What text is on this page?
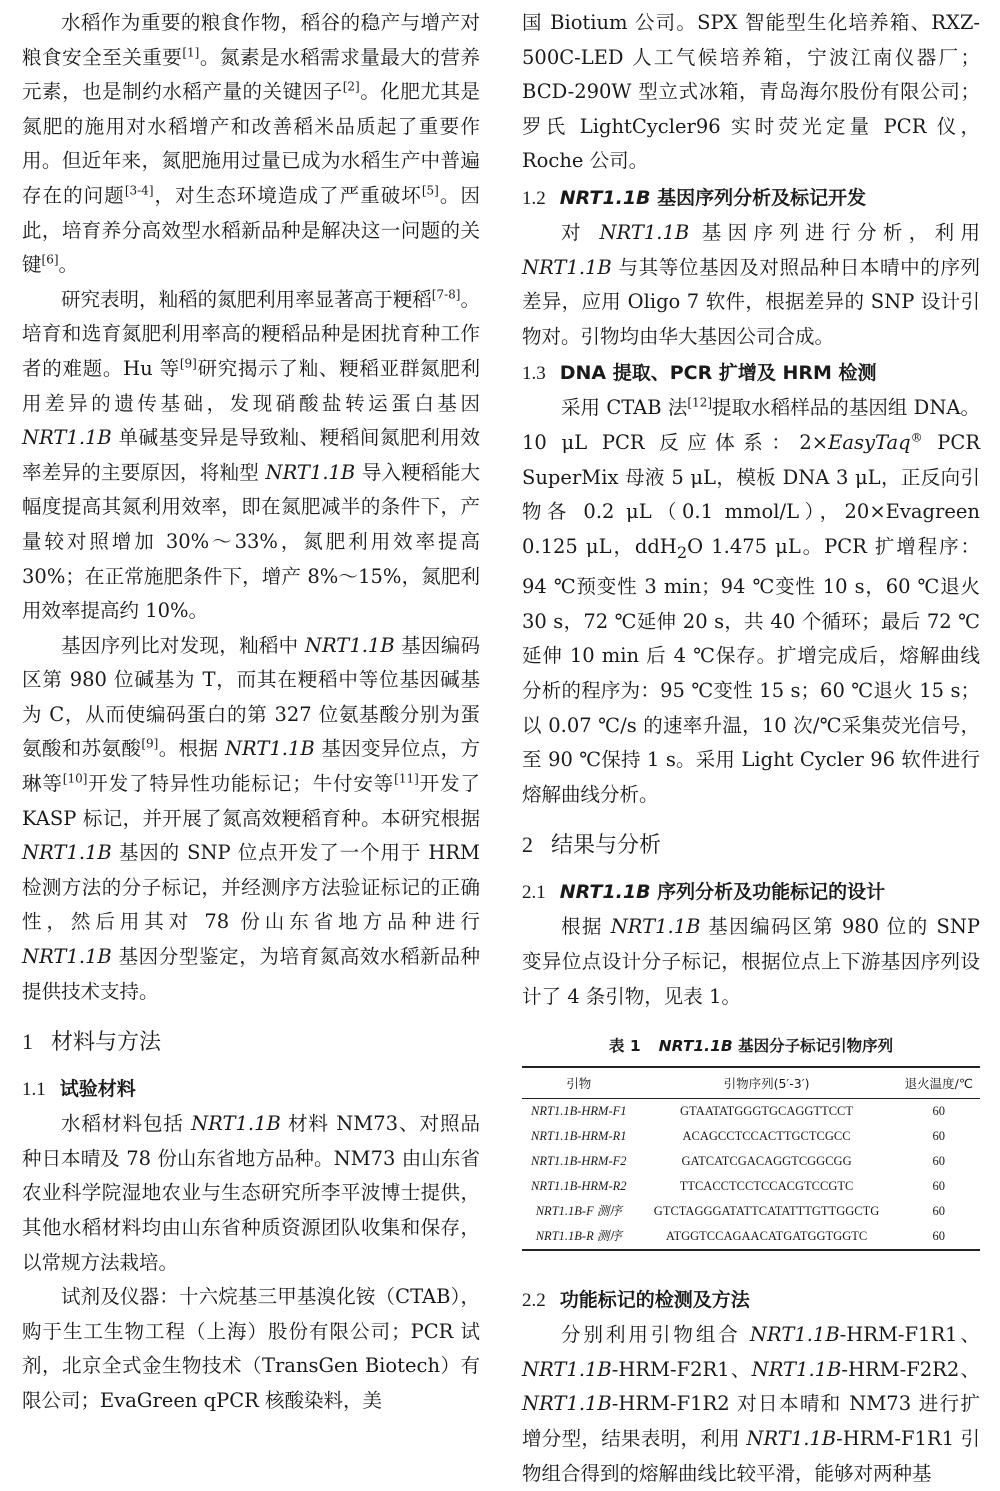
水稻作为重要的粮食作物，稻谷的稳产与增产对粮食安全至关重要[1]。氮素是水稻需求量最大的营养元素，也是制约水稻产量的关键因子[2]。化肥尤其是氮肥的施用对水稻增产和改善稻米品质起了重要作用。但近年来，氮肥施用过量已成为水稻生产中普遍存在的问题[3-4]，对生态环境造成了严重破坏[5]。因此，培育养分高效型水稻新品种是解决这一问题的关键[6]。

研究表明，籼稻的氮肥利用率显著高于粳稻[7-8]。培育和选育氮肥利用率高的粳稻品种是困扰育种工作者的难题。Hu 等[9]研究揭示了籼、粳稻亚群氮肥利用差异的遗传基础，发现硝酸盐转运蛋白基因 NRT1.1B 单碱基变异是导致籼、粳稻间氮肥利用效率差异的主要原因，将籼型 NRT1.1B 导入粳稻能大幅度提高其氮利用效率，即在氮肥减半的条件下，产量较对照增加 30%～33%，氮肥利用效率提高 30%；在正常施肥条件下，增产 8%～15%，氮肥利用效率提高约 10%。

基因序列比对发现，籼稻中 NRT1.1B 基因编码区第 980 位碱基为 T，而其在粳稻中等位基因碱基为 C，从而使编码蛋白的第 327 位氨基酸分别为蛋氨酸和苏氨酸[9]。根据 NRT1.1B 基因变异位点，方琳等[10]开发了特异性功能标记；牛付安等[11]开发了 KASP 标记，并开展了氮高效粳稻育种。本研究根据 NRT1.1B 基因的 SNP 位点开发了一个用于 HRM 检测方法的分子标记，并经测序方法验证标记的正确性，然后用其对 78 份山东省地方品种进行 NRT1.1B 基因分型鉴定，为培育氮高效水稻新品种提供技术支持。

1 材料与方法
1.1 试验材料

水稻材料包括 NRT1.1B 材料 NM73、对照品种日本晴及 78 份山东省地方品种。NM73 由山东省农业科学院湿地农业与生态研究所李平波博士提供，其他水稻材料均由山东省种质资源团队收集和保存，以常规方法栽培。

试剂及仪器：十六烷基三甲基溴化铵（CTAB），购于生工生物工程（上海）股份有限公司；PCR 试剂，北京全式金生物技术（TransGen Biotech）有限公司；EvaGreen qPCR 核酸染料，美

国 Biotium 公司。SPX 智能型生化培养箱、RXZ-500C-LED 人工气候培养箱，宁波江南仪器厂；BCD-290W 型立式冰箱，青岛海尔股份有限公司；罗氏 LightCycler96 实时荧光定量 PCR 仪，Roche 公司。

1.2 NRT1.1B 基因序列分析及标记开发

对 NRT1.1B 基因序列进行分析，利用 NRT1.1B 与其等位基因及对照品种日本晴中的序列差异，应用 Oligo 7 软件，根据差异的 SNP 设计引物对。引物均由华大基因公司合成。

1.3 DNA 提取、PCR 扩增及 HRM 检测

采用 CTAB 法[12]提取水稻样品的基因组 DNA。10 μL PCR 反应体系：2×EasyTaq® PCR SuperMix 母液 5 μL，模板 DNA 3 μL，正反向引物各 0.2 μL（0.1 mmol/L），20×Evagreen 0.125 μL，ddH$_2$O 1.475 μL。PCR 扩增程序：94 ℃预变性 3 min；94 ℃变性 10 s，60 ℃退火 30 s，72 ℃延伸 20 s，共 40 个循环；最后 72 ℃延伸 10 min 后 4 ℃保存。扩增完成后，熔解曲线分析的程序为：95 ℃变性 15 s；60 ℃退火 15 s；以 0.07 ℃/s 的速率升温，10 次/℃采集荧光信号，至 90 ℃保持 1 s。采用 Light Cycler 96 软件进行熔解曲线分析。

2 结果与分析
2.1 NRT1.1B 序列分析及功能标记的设计

根据 NRT1.1B 基因编码区第 980 位的 SNP 变异位点设计分子标记，根据位点上下游基因序列设计了 4 条引物，见表 1。

表 1 NRT1.1B 基因分子标记引物序列
引物	引物序列(5′-3′)	退火温度/℃
NRT1.1B-HRM-F1	GTAATATGGGTGCAGGTTCCT	60
NRT1.1B-HRM-R1	ACAGCCTCCACTTGCTCGCC	60
NRT1.1B-HRM-F2	GATCATCGACAGGTCGGCGG	60
NRT1.1B-HRM-R2	TTCACCTCCTCCACGTCCGTC	60
NRT1.1B-F 测序	GTCTAGGGATATTCATATTTGTTGGCTG	60
NRT1.1B-R 测序	ATGGTCCAGAACATGATGGTGGTC	60
2.2 功能标记的检测及方法

分别利用引物组合 NRT1.1B-HRM-F1R1、NRT1.1B-HRM-F2R1、NRT1.1B-HRM-F2R2、NRT1.1B-HRM-F1R2 对日本晴和 NM73 进行扩增分型，结果表明，利用 NRT1.1B-HRM-F1R1 引物组合得到的熔解曲线比较平滑，能够对两种基
